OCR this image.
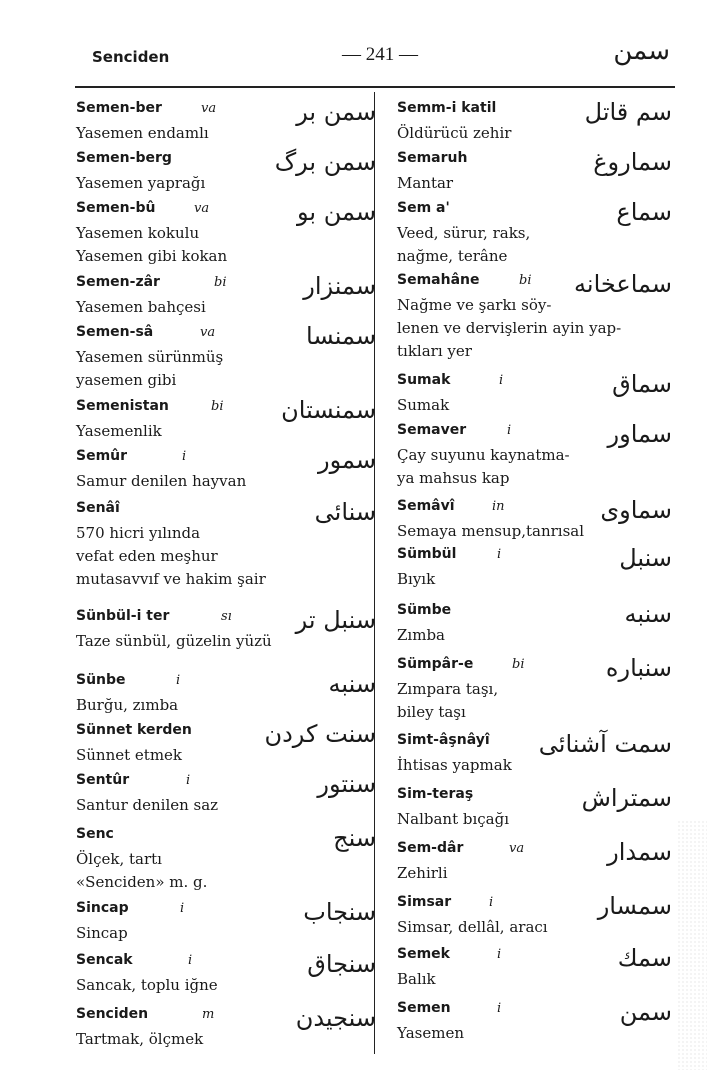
Senciden	— 241 —	سمن
Semen-ber	va
Yasemen endamlı
سمن بر
Semen-berg
Yasemen yaprağı
سمن برگ
Semen-bû	va
Yasemen kokulu
Yasemen gibi kokan
سمن بو
Semen-zâr	bi
Yasemen bahçesi
سمنزار
Semen-sâ	va
Yasemen sürünmüş
yasemen gibi
سمنسا
Semenistan	bi
Yasemenlik
سمنستان
Semûr	i
Samur denilen hayvan
سمور
Senâî
570 hicri yılında
vefat eden meşhur
mutasavvıf ve hakim şair
سنائی
Sünbül-i ter	sı
Taze sünbül, güzelin yüzü
سنبل تر
Sünbe	i
Burğu, zımba
سنبه
Sünnet kerden
Sünnet etmek
سنت کردن
Sentûr	i
Santur denilen saz
سنتور
Senc
Ölçek, tartı
«Senciden» m. g.
سنج
Sincap	i
Sincap
سنجاب
Sencak	i
Sancak, toplu iğne
سنجاق
Senciden	m
Tartmak, ölçmek
سنجیدن
Semm-i katil
Öldürücü zehir
سم قاتل
Semaruh
Mantar
سماروغ
Sem a'
Veed, sürur, raks,
nağme, terâne
سماع
Semahâne	bi
Nağme ve şarkı söy-
lenen ve dervişlerin ayin yap-
tıkları yer
سماعخانه
Sumak	i
Sumak
سماق
Semaver	i
Çay suyunu kaynatma-
ya mahsus kap
سماور
Semâvî	in
Semaya mensup,tanrısal
سماوی
Sümbül	i
Bıyık
سنبل
Sümbe
Zımba
سنبه
Sümpâr-e	bi
Zımpara taşı,
biley taşı
سنباره
Simt-âşnâyî
İhtisas yapmak
سمت آشنائی
Sim-teraş
Nalbant bıçağı
سمتراش
Sem-dâr	va
Zehirli
سمدار
Simsar	i
Simsar, dellâl, aracı
سمسار
Semek	i
Balık
سمك
Semen	i
Yasemen
سمن
